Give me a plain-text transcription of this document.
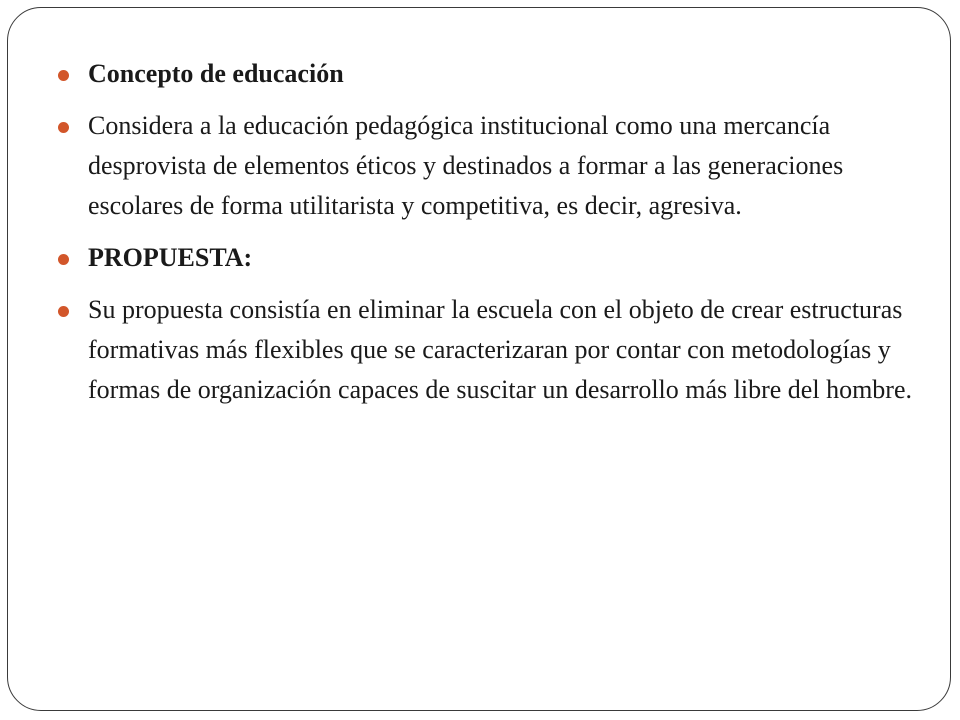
Concepto de educación
Considera a la educación pedagógica institucional como una mercancía desprovista de elementos éticos y destinados a formar a las generaciones escolares de forma utilitarista y competitiva, es decir, agresiva.
PROPUESTA:
Su propuesta consistía en eliminar la escuela con el objeto de crear estructuras formativas más flexibles que se caracterizaran por contar con metodologías y formas de organización capaces de suscitar un desarrollo más libre del hombre.
